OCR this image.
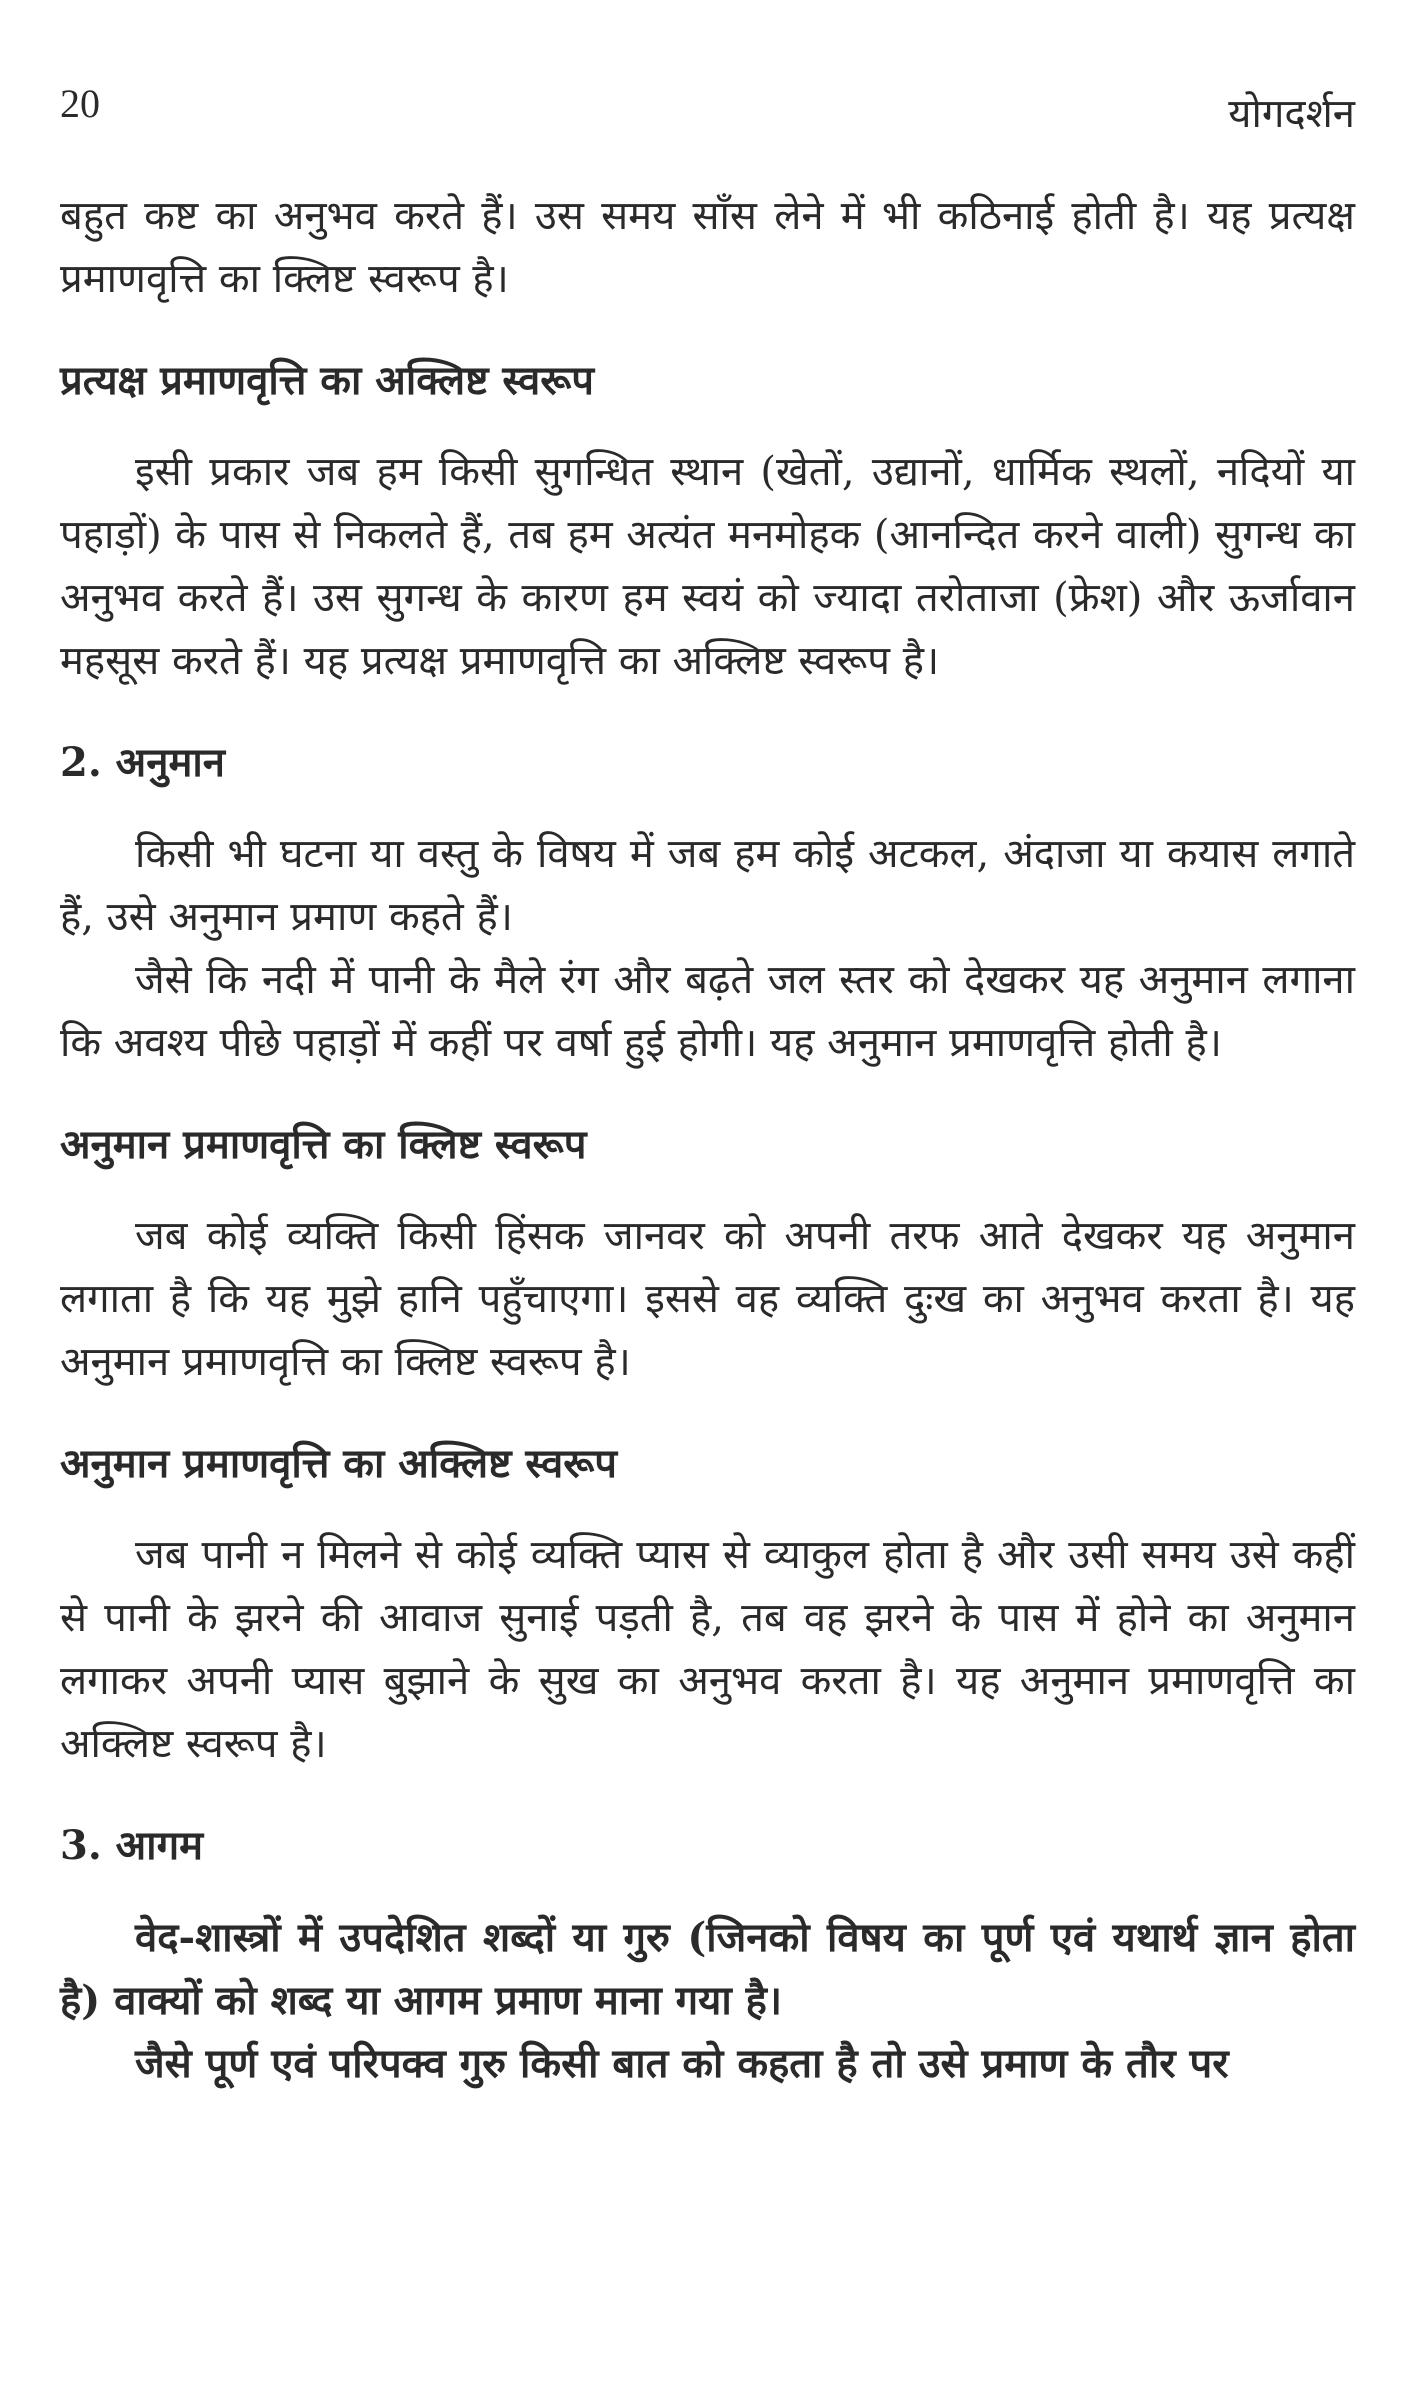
20	योगदर्शन

बहुत कष्ट का अनुभव करते हैं। उस समय साँस लेने में भी कठिनाई होती है। यह प्रत्यक्ष प्रमाणवृत्ति का क्लिष्ट स्वरूप है।

प्रत्यक्ष प्रमाणवृत्ति का अक्लिष्ट स्वरूप

इसी प्रकार जब हम किसी सुगन्धित स्थान (खेतों, उद्यानों, धार्मिक स्थलों, नदियों या पहाड़ों) के पास से निकलते हैं, तब हम अत्यंत मनमोहक (आनन्दित करने वाली) सुगन्ध का अनुभव करते हैं। उस सुगन्ध के कारण हम स्वयं को ज्यादा तरोताजा (फ्रेश) और ऊर्जावान महसूस करते हैं। यह प्रत्यक्ष प्रमाणवृत्ति का अक्लिष्ट स्वरूप है।

2. अनुमान

किसी भी घटना या वस्तु के विषय में जब हम कोई अटकल, अंदाजा या कयास लगाते हैं, उसे अनुमान प्रमाण कहते हैं।

जैसे कि नदी में पानी के मैले रंग और बढ़ते जल स्तर को देखकर यह अनुमान लगाना कि अवश्य पीछे पहाड़ों में कहीं पर वर्षा हुई होगी। यह अनुमान प्रमाणवृत्ति होती है।

अनुमान प्रमाणवृत्ति का क्लिष्ट स्वरूप

जब कोई व्यक्ति किसी हिंसक जानवर को अपनी तरफ आते देखकर यह अनुमान लगाता है कि यह मुझे हानि पहुँचाएगा। इससे वह व्यक्ति दुःख का अनुभव करता है। यह अनुमान प्रमाणवृत्ति का क्लिष्ट स्वरूप है।

अनुमान प्रमाणवृत्ति का अक्लिष्ट स्वरूप

जब पानी न मिलने से कोई व्यक्ति प्यास से व्याकुल होता है और उसी समय उसे कहीं से पानी के झरने की आवाज सुनाई पड़ती है, तब वह झरने के पास में होने का अनुमान लगाकर अपनी प्यास बुझाने के सुख का अनुभव करता है। यह अनुमान प्रमाणवृत्ति का अक्लिष्ट स्वरूप है।

3. आगम

वेद-शास्त्रों में उपदेशित शब्दों या गुरु (जिनको विषय का पूर्ण एवं यथार्थ ज्ञान होता है) वाक्यों को शब्द या आगम प्रमाण माना गया है।

जैसे पूर्ण एवं परिपक्व गुरु किसी बात को कहता है तो उसे प्रमाण के तौर पर
